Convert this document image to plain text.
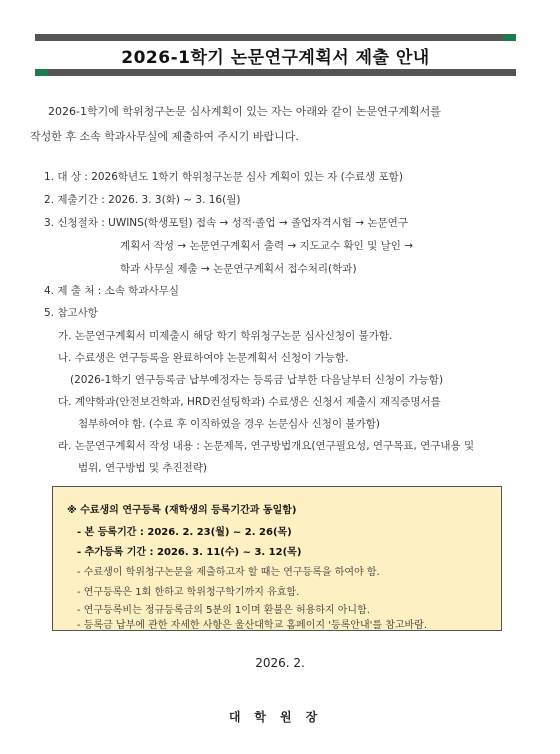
2026-1학기 논문연구계획서 제출 안내
2026-1학기에 학위청구논문 심사계획이 있는 자는 아래와 같이 논문연구계획서를
작성한 후 소속 학과사무실에 제출하여 주시기 바랍니다.
1. 대 상 : 2026학년도 1학기 학위청구논문 심사 계획이 있는 자 (수료생 포함)
2. 제출기간 : 2026. 3. 3(화) ~ 3. 16(월)
3. 신청절차 : UWINS(학생포털) 접속 → 성적·졸업 → 졸업자격시험 → 논문연구
계획서 작성 → 논문연구계획서 출력 → 지도교수 확인 및 날인 →
학과 사무실 제출 → 논문연구계획서 접수처리(학과)
4. 제 출 처 : 소속 학과사무실
5. 참고사항
가. 논문연구계획서 미제출시 해당 학기 학위청구논문 심사신청이 불가함.
나. 수료생은 연구등록을 완료하여야 논문계획서 신청이 가능함.
(2026-1학기 연구등록금 납부예정자는 등록금 납부한 다음날부터 신청이 가능함)
다. 계약학과(안전보건학과, HRD컨설팅학과) 수료생은 신청서 제출시 재직증명서를
첨부하여야 함. (수료 후 이직하였을 경우 논문심사 신청이 불가함)
라. 논문연구계획서 작성 내용 : 논문제목, 연구방법개요(연구필요성, 연구목표, 연구내용 및
범위, 연구방법 및 추진전략)
※ 수료생의 연구등록 (재학생의 등록기간과 동일함)
- 본 등록기간 : 2026. 2. 23(월) ~ 2. 26(목)
- 추가등록 기간 : 2026. 3. 11(수) ~ 3. 12(목)
- 수료생이 학위청구논문을 제출하고자 할 때는 연구등록을 하여야 함.
- 연구등록은 1회 한하고 학위청구학기까지 유효함.
- 연구등록비는 정규등록금의 5분의 1이며 환불은 허용하지 아니함.
- 등록금 납부에 관한 자세한 사항은 울산대학교 홈페이지 '등록안내'를 참고바람.
2026. 2.
대학원장
